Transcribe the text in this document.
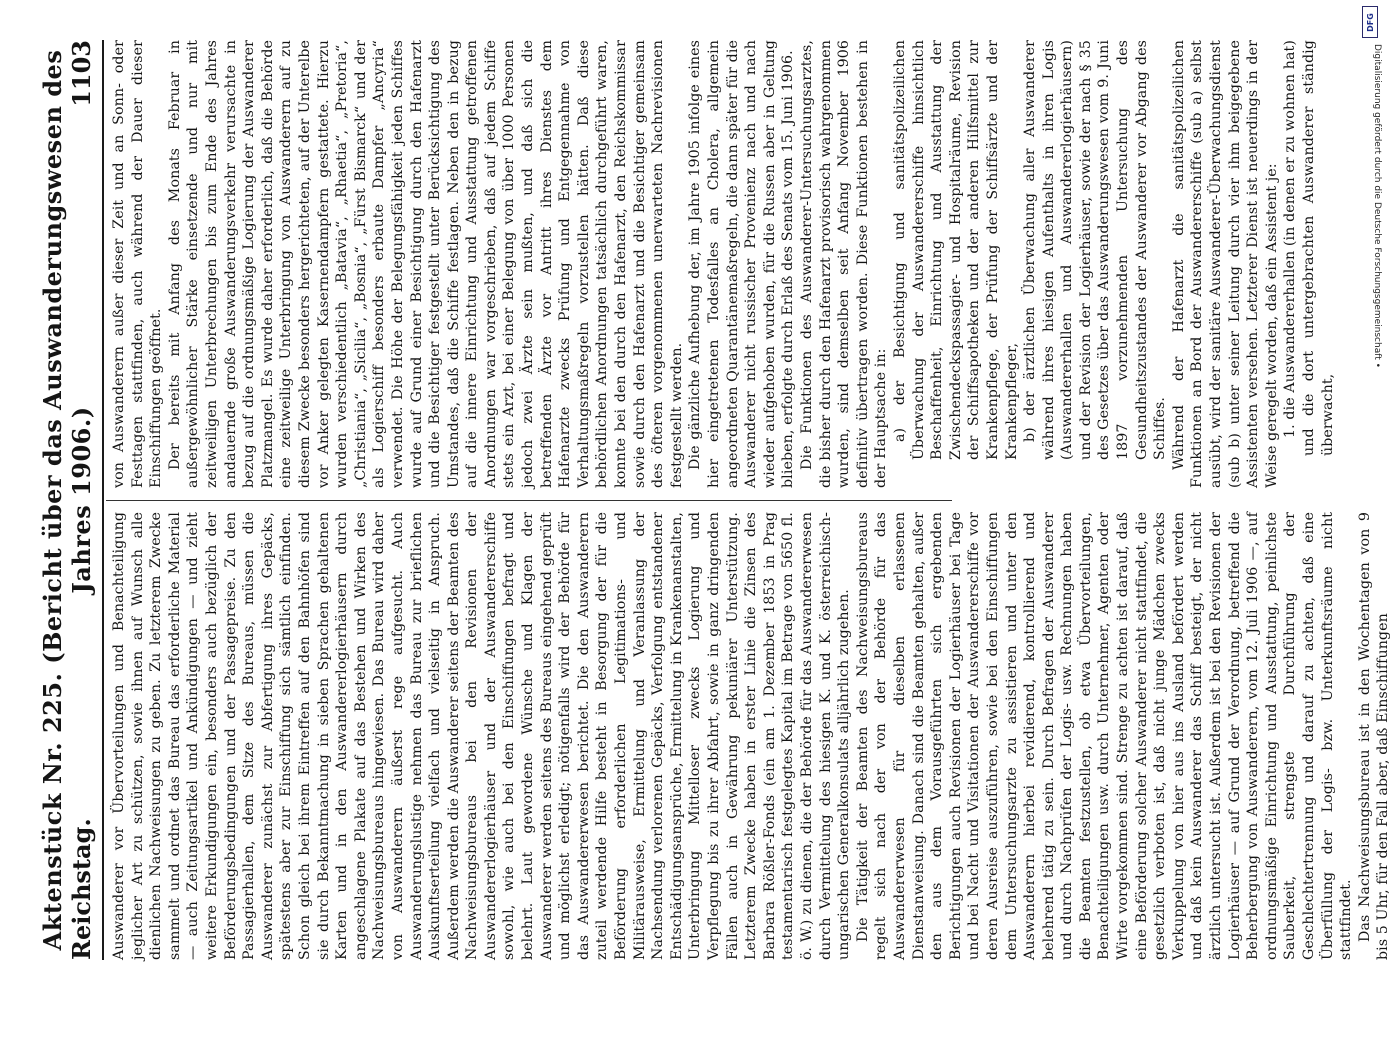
Reichstag.
Aktenstück Nr. 225. (Bericht über das Auswanderungswesen des Jahres 1906.)
1103

Auswanderer vor Übervorteilungen und Benachteiligung jeglicher Art zu schützen, sowie ihnen auf Wunsch alle dienlichen Nachweisungen zu geben. Zu letzterem Zwecke sammelt und ordnet das Bureau das erforderliche Material — auch Zeitungsartikel und Ankündigungen — und zieht weitere Erkundigungen ein, besonders auch bezüglich der Beförderungsbedingungen und der Passagepreise. Zu den Passagierhallen, dem Sitze des Bureaus, müssen die Auswanderer zunächst zur Abfertigung ihres Gepäcks, spätestens aber zur Einschiffung sich sämtlich einfinden. Schon gleich bei ihrem Eintreffen auf den Bahnhöfen sind sie durch Bekanntmachung in sieben Sprachen gehaltenen Karten und in den Auswandererlogierhäusern durch angeschlagene Plakate auf das Bestehen und Wirken des Nachweisungsbureaus hingewiesen. Das Bureau wird daher von Auswanderern äußerst rege aufgesucht. Auch Auswanderungslustige nehmen das Bureau zur brieflichen Auskunftserteilung vielfach und vielseitig in Anspruch. Außerdem werden die Auswanderer seitens der Beamten des Nachweisungsbureaus bei den Revisionen der Auswandererlogierhäuser und der Auswandererschiffe sowohl, wie auch bei den Einschiffungen befragt und belehrt. Laut gewordene Wünsche und Klagen der Auswanderer werden seitens des Bureaus eingehend geprüft und möglichst erledigt; nötigenfalls wird der Behörde für das Auswandererwesen berichtet. Die den Auswanderern zuteil werdende Hilfe besteht in Besorgung der für die Beförderung erforderlichen Legitimations- und Militärausweise, Ermittelung und Veranlassung der Nachsendung verlorenen Gepäcks, Verfolgung entstandener Entschädigungsansprüche, Ermittelung in Krankenanstalten, Unterbringung Mittelloser zwecks Logierung und Verpflegung bis zu ihrer Abfahrt, sowie in ganz dringenden Fällen auch in Gewährung pekuniärer Unterstützung. Letzterem Zwecke haben in erster Linie die Zinsen des Barbara Rößler-Fonds (ein am 1. Dezember 1853 in Prag testamentarisch festgelegtes Kapital im Betrage von 5650 fl. ö. W.) zu dienen, die der Behörde für das Auswandererwesen durch Vermittelung des hiesigen K. und K. österreichisch-ungarischen Generalkonsulats alljährlich zugehen. Die Tätigkeit der Beamten des Nachweisungsbureaus regelt sich nach der von der Behörde für das Auswandererwesen für dieselben erlassenen Dienstanweisung. Danach sind die Beamten gehalten, außer den aus dem Vorausgeführten sich ergebenden Berichtigungen auch Revisionen der Logierhäuser bei Tage und bei Nacht und Visitationen der Auswandererschiffe vor deren Ausreise auszuführen, sowie bei den Einschiffungen dem Untersuchungsarzte zu assistieren und unter den Auswanderern hierbei revidierend, kontrollierend und belehrend tätig zu sein. Durch Befragen der Auswanderer und durch Nachprüfen der Logis- usw. Rechnungen haben die Beamten festzustellen, ob etwa Übervorteilungen, Benachteiligungen usw. durch Unternehmer, Agenten oder Wirte vorgekommen sind. Strenge zu achten ist darauf, daß eine Beförderung solcher Auswanderer nicht stattfindet, die gesetzlich verboten ist, daß nicht junge Mädchen zwecks Verkuppelung von hier aus ins Ausland befördert werden und daß kein Auswanderer das Schiff besteigt, der nicht ärztlich untersucht ist. Außerdem ist bei den Revisionen der Logierhäuser — auf Grund der Verordnung, betreffend die Beherbergung von Auswanderern, vom 12. Juli 1906 —, auf ordnungsmäßige Einrichtung und Ausstattung, peinlichste Sauberkeit, strengste Durchführung der Geschlechtertrennung und darauf zu achten, daß eine Überfüllung der Logis- bzw. Unterkunftsräume nicht stattfindet. Das Nachweisungsbureau ist in den Wochentagen von 9 bis 5 Uhr, für den Fall aber, daß Einschiffungen

von Auswanderern außer dieser Zeit und an Sonn- oder Festtagen stattfinden, auch während der Dauer dieser Einschiffungen geöffnet. Der bereits mit Anfang des Monats Februar in außergewöhnlicher Stärke einsetzende und nur mit zeitweiligen Unterbrechungen bis zum Ende des Jahres andauernde große Auswanderungsverkehr verursachte in bezug auf die ordnungsmäßige Logierung der Auswanderer Platzmangel. Es wurde daher erforderlich, daß die Behörde eine zeitweilige Unterbringung von Auswanderern auf zu diesem Zwecke besonders hergerichteten, auf der Unterelbe vor Anker gelegten Kasernendampfern gestattete. Hierzu wurden verschiedentlich „Batavia“, „Rhaetia“, „Pretoria“, „Christiania“, „Sicilia“, „Bosnia“, „Fürst Bismarck“ und der als Logierschiff besonders erbaute Dampfer „Ancyria“ verwendet. Die Höhe der Belegungsfähigkeit jeden Schiffes wurde auf Grund einer Besichtigung durch den Hafenarzt und die Besichtiger festgestellt unter Berücksichtigung des Umstandes, daß die Schiffe festlagen. Neben den in bezug auf die innere Einrichtung und Ausstattung getroffenen Anordnungen war vorgeschrieben, daß auf jedem Schiffe stets ein Arzt, bei einer Belegung von über 1000 Personen jedoch zwei Ärzte sein mußten, und daß sich die betreffenden Ärzte vor Antritt ihres Dienstes dem Hafenarzte zwecks Prüfung und Entgegennahme von Verhaltungsmaßregeln vorzustellen hätten. Daß diese behördlichen Anordnungen tatsächlich durchgeführt waren, konnte bei den durch den Hafenarzt, den Reichskommissar sowie durch den Hafenarzt und die Besichtiger gemeinsam des öfteren vorgenommenen unerwarteten Nachrevisionen festgestellt werden. Die gänzliche Aufhebung der, im Jahre 1905 infolge eines hier eingetretenen Todesfalles an Cholera, allgemein angeordneten Quarantänemaßregeln, die dann später für die Auswanderer nicht russischer Provenienz nach und nach wieder aufgehoben wurden, für die Russen aber in Geltung blieben, erfolgte durch Erlaß des Senats vom 15. Juni 1906. Die Funktionen des Auswanderer-Untersuchungsarztes, die bisher durch den Hafenarzt provisorisch wahrgenommen wurden, sind demselben seit Anfang November 1906 definitiv übertragen worden. Diese Funktionen bestehen in der Hauptsache in: a) der Besichtigung und sanitätspolizeilichen Überwachung der Auswandererschiffe hinsichtlich Beschaffenheit, Einrichtung und Ausstattung der Zwischendeckspassagier- und Hospitalräume, Revision der Schiffsapotheken und der anderen Hilfsmittel zur Krankenpflege, der Prüfung der Schiffsärzte und der Krankenpfleger, b) der ärztlichen Überwachung aller Auswanderer während ihres hiesigen Aufenthalts in ihren Logis (Auswandererhallen und Auswandererlogierhäusern) und der Revision der Logierhäuser, sowie der nach § 35 des Gesetzes über das Auswanderungswesen vom 9. Juni 1897 vorzunehmenden Untersuchung des Gesundheitszustandes der Auswanderer vor Abgang des Schiffes. Während der Hafenarzt die sanitätspolizeilichen Funktionen an Bord der Auswandererschiffe (sub a) selbst ausübt, wird der sanitäre Auswanderer-Überwachungsdienst (sub b) unter seiner Leitung durch vier ihm beigegebene Assistenten versehen. Letzterer Dienst ist neuerdings in der Weise geregelt worden, daß ein Assistent je: 1. die Auswandererhallen (in denen er zu wohnen hat) und die dort untergebrachten Auswanderer ständig überwacht,

DFG
Digitalisierung gefördert durch die Deutsche Forschungsgemeinschaft •
